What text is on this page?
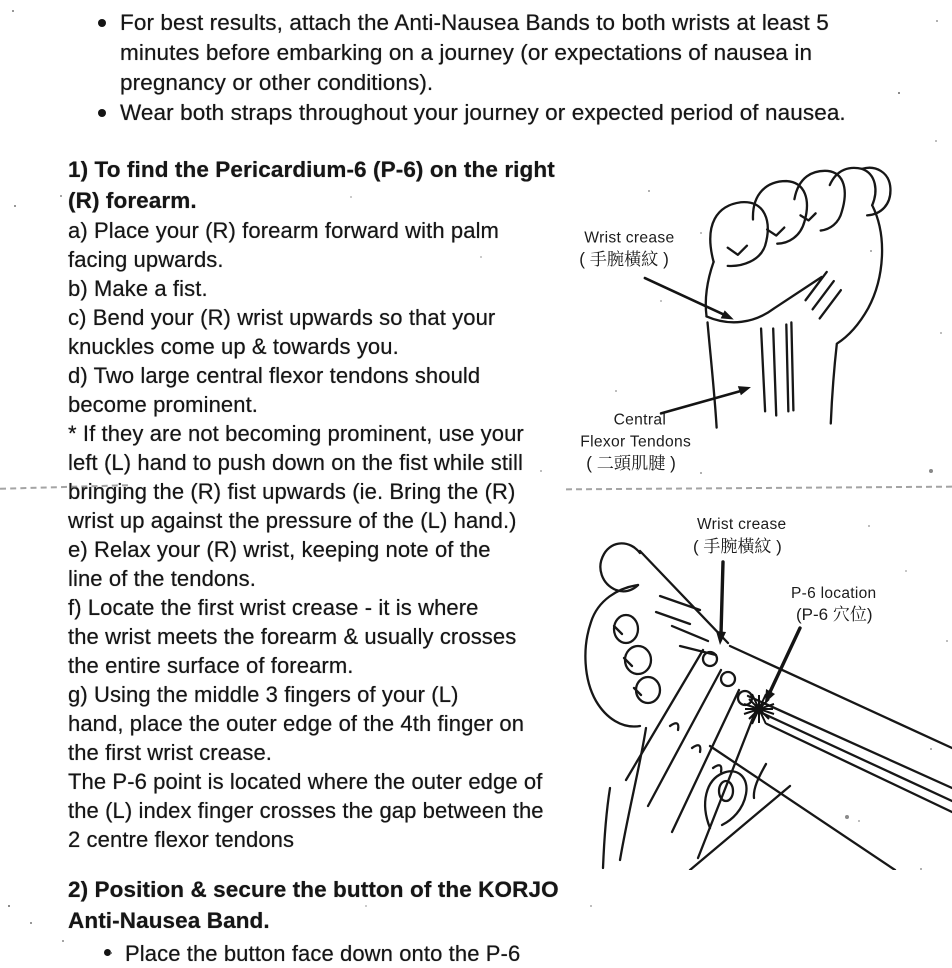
For best results, attach the Anti-Nausea Bands to both wrists at least 5
minutes before embarking on a journey (or expectations of nausea in
pregnancy or other conditions).
Wear both straps throughout your journey or expected period of nausea.
1) To find the Pericardium-6 (P-6) on the right
(R) forearm.
a) Place your (R) forearm forward with palm
facing upwards.
b) Make a fist.
c) Bend your (R) wrist upwards so that your
knuckles come up & towards you.
d) Two large central flexor tendons should
become prominent.
* If they are not becoming prominent, use your
left (L) hand to push down on the fist while still
bringing the (R) fist upwards (ie. Bring the (R)
wrist up against the pressure of the (L) hand.)
e) Relax your (R) wrist, keeping note of the
line of the tendons.
f) Locate the first wrist crease - it is where
the wrist meets the forearm & usually crosses
the entire surface of forearm.
g) Using the middle 3 fingers of your (L)
hand, place the outer edge of the 4th finger on
the first wrist crease.
The P-6 point is located where the outer edge of
the (L) index finger crosses the gap between the
2 centre flexor tendons
Wrist crease
( 手腕橫紋 )
Central
Flexor Tendons
( 二頭肌腱 )
Wrist crease
( 手腕橫紋 )
P-6 location
(P-6 穴位)
2) Position & secure the button of the KORJO
Anti-Nausea Band.
Place the button face down onto the P-6
